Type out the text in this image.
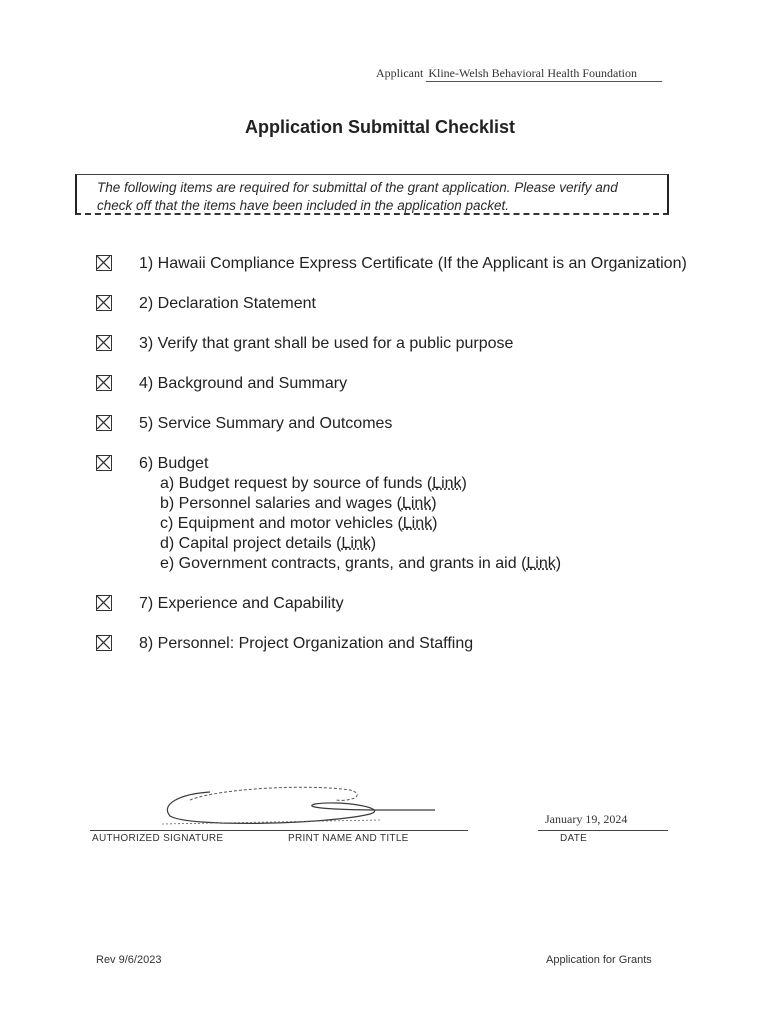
Applicant Kline-Welsh Behavioral Health Foundation
Application Submittal Checklist
The following items are required for submittal of the grant application. Please verify and check off that the items have been included in the application packet.
1) Hawaii Compliance Express Certificate (If the Applicant is an Organization)
2) Declaration Statement
3) Verify that grant shall be used for a public purpose
4) Background and Summary
5) Service Summary and Outcomes
6) Budget
a) Budget request by source of funds (Link)
b) Personnel salaries and wages (Link)
c) Equipment and motor vehicles (Link)
d) Capital project details (Link)
e) Government contracts, grants, and grants in aid (Link)
7) Experience and Capability
8) Personnel: Project Organization and Staffing
January 19, 2024
AUTHORIZED SIGNATURE	PRINT NAME AND TITLE	DATE
Rev 9/6/2023	Application for Grants
